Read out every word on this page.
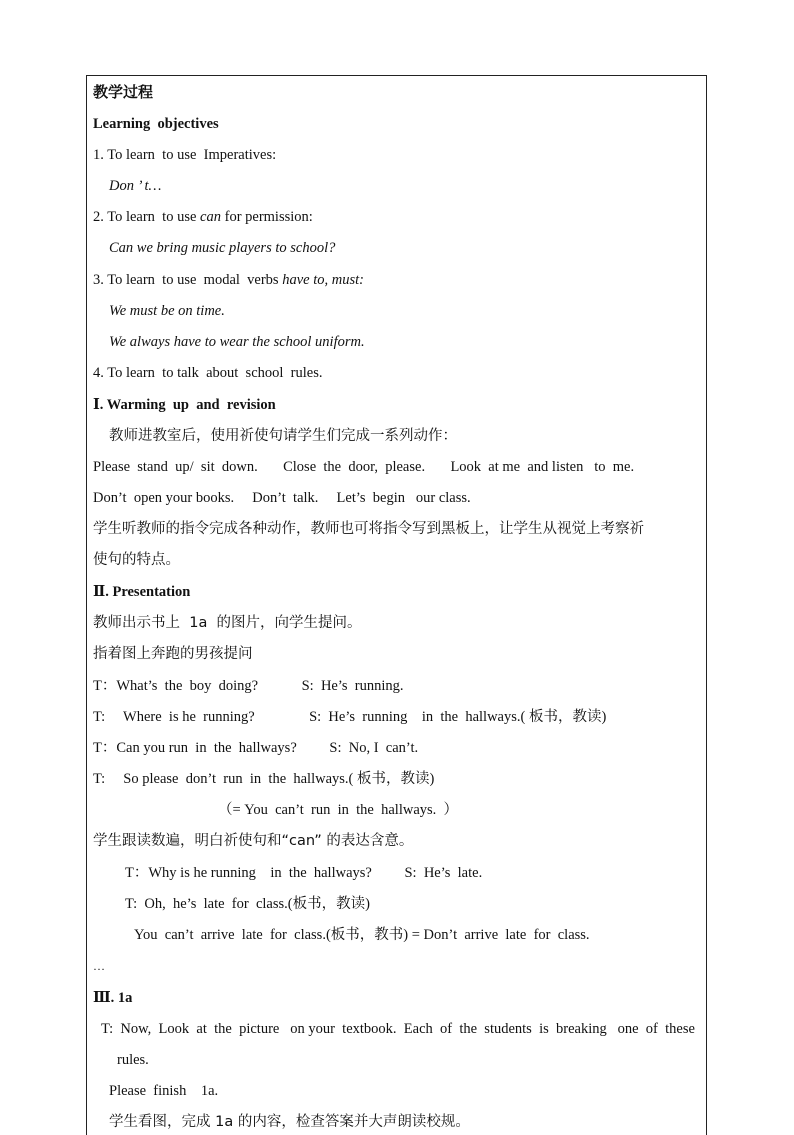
教学过程
Learning  objectives
1. To learn  to use  Imperatives:
Don ’ t…
2. To learn  to use can for permission:
Can we bring music players to school?
3. To learn  to use  modal  verbs have to, must:
We must be on time.
We always have to wear the school uniform.
4. To learn  to talk  about  school  rules.
Ⅰ. Warming  up  and  revision
教师进教室后，使用祈使句请学生们完成一系列动作：
Please  stand  up/  sit  down.       Close  the  door,  please.       Look  at me  and listen   to  me.
Don’t  open your books.     Don’t  talk.     Let’s  begin   our class.
学生听教师的指令完成各种动作，教师也可将指令写到黑板上，让学生从视觉上考察祈
使句的特点。
Ⅱ. Presentation
教师出示书上  1a  的图片，向学生提问。
指着图上奔跑的男孩提问
T：What’s  the  boy  doing?            S:  He’s  running.
T:     Where  is he  running?               S:  He’s  running    in  the  hallways.( 板书，教读)
T：Can you run  in  the  hallways?         S:  No, I  can’t.
T:     So please  don’t  run  in  the  hallways.( 板书，教读)
（= You  can’t  run  in  the  hallways.  ）
学生跟读数遍，明白祈使句和“can” 的表达含意。
T：Why is he running    in  the  hallways?         S:  He’s  late.
T:  Oh,  he’s  late  for  class.(板书，教读)
You  can’t  arrive  late  for  class.(板书，教书) = Don’t  arrive  late  for  class.
…
Ⅲ. 1a
T:  Now,  Look  at  the  picture   on your  textbook.  Each  of  the  students  is  breaking   one  of  these
rules.
Please  finish    1a.
学生看图，完成 1a 的内容，检查答案并大声朗读校规。
